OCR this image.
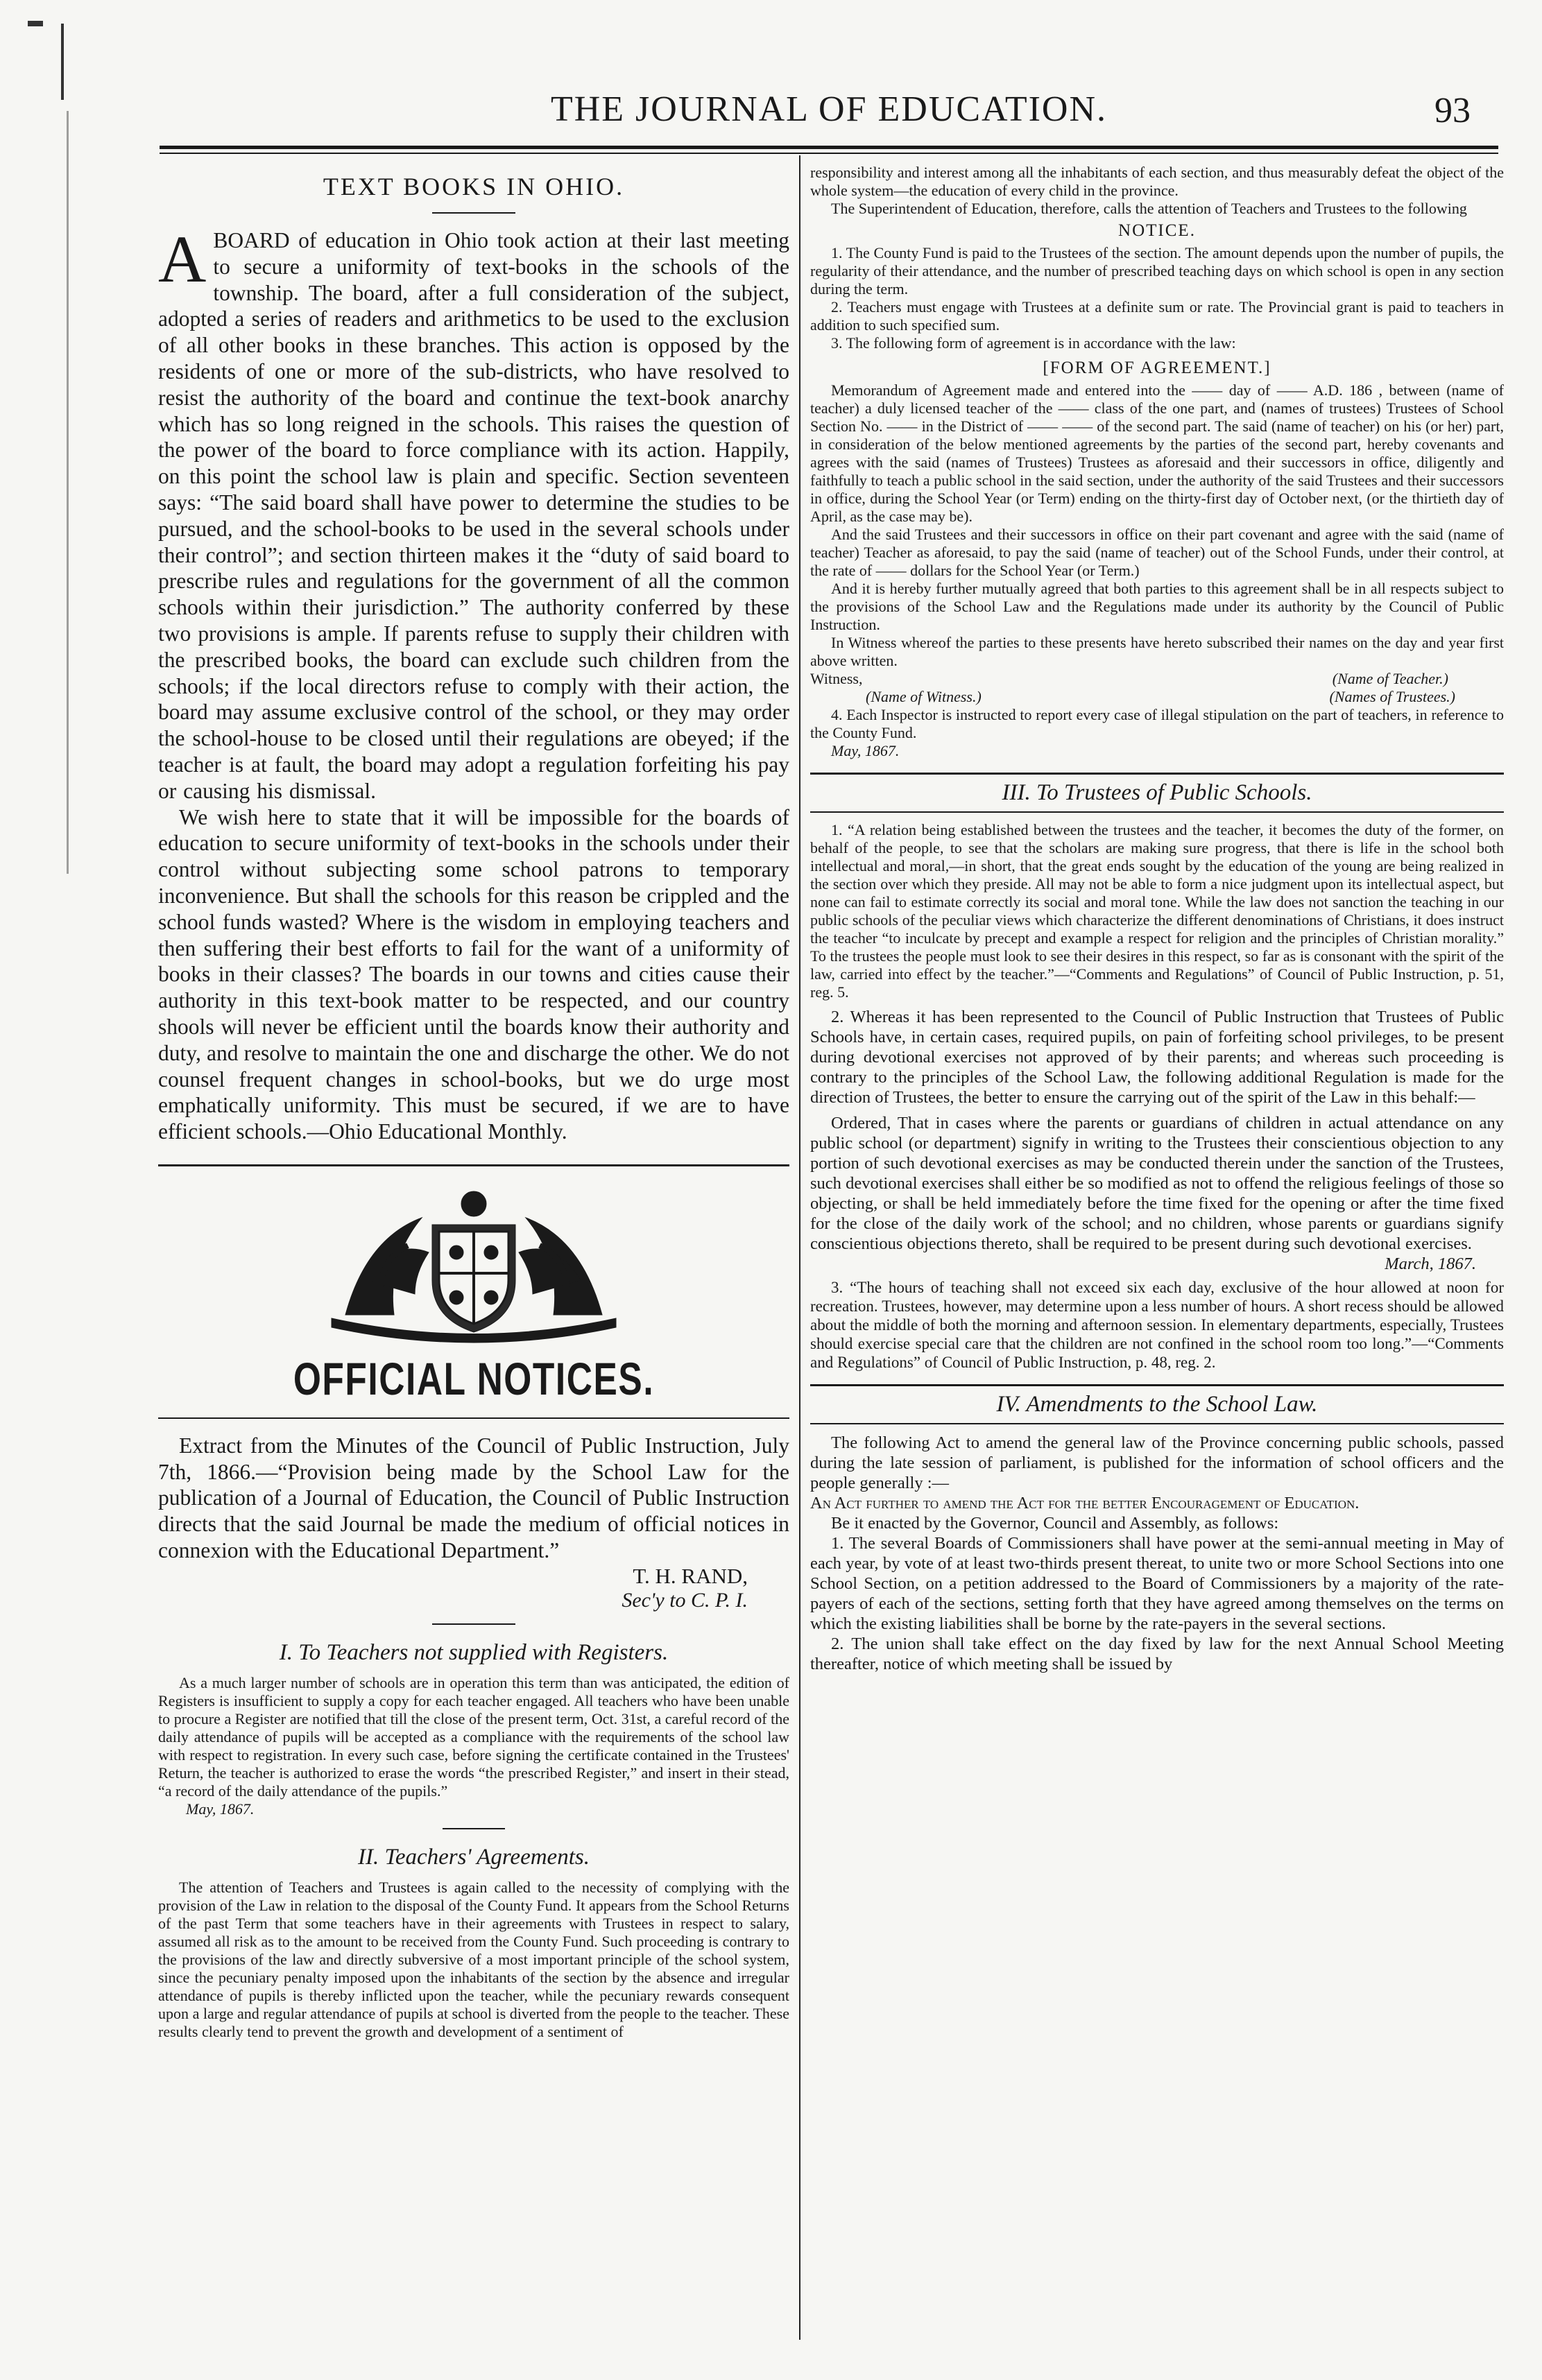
THE JOURNAL OF EDUCATION.	93
TEXT BOOKS IN OHIO.

A BOARD of education in Ohio took action at their last meeting to secure a uniformity of text-books in the schools of the township. The board, after a full consideration of the subject, adopted a series of readers and arithmetics to be used to the exclusion of all other books in these branches. This action is opposed by the residents of one or more of the sub-districts, who have resolved to resist the authority of the board and continue the text-book anarchy which has so long reigned in the schools. This raises the question of the power of the board to force compliance with its action. Happily, on this point the school law is plain and specific. Section seventeen says: “The said board shall have power to determine the studies to be pursued, and the school-books to be used in the several schools under their control”; and section thirteen makes it the “duty of said board to prescribe rules and regulations for the government of all the common schools within their jurisdiction.” The authority conferred by these two provisions is ample. If parents refuse to supply their children with the prescribed books, the board can exclude such children from the schools; if the local directors refuse to comply with their action, the board may assume exclusive control of the school, or they may order the school-house to be closed until their regulations are obeyed; if the teacher is at fault, the board may adopt a regulation forfeiting his pay or causing his dismissal.

We wish here to state that it will be impossible for the boards of education to secure uniformity of text-books in the schools under their control without subjecting some school patrons to temporary inconvenience. But shall the schools for this reason be crippled and the school funds wasted? Where is the wisdom in employing teachers and then suffering their best efforts to fail for the want of a uniformity of books in their classes? The boards in our towns and cities cause their authority in this text-book matter to be respected, and our country shools will never be efficient until the boards know their authority and duty, and resolve to maintain the one and discharge the other. We do not counsel frequent changes in school-books, but we do urge most emphatically uniformity. This must be secured, if we are to have efficient schools.—Ohio Educational Monthly.

OFFICIAL NOTICES.

Extract from the Minutes of the Council of Public Instruction, July 7th, 1866.—“Provision being made by the School Law for the publication of a Journal of Education, the Council of Public Instruction directs that the said Journal be made the medium of official notices in connexion with the Educational Department.”

T. H. RAND,
Sec'y to C. P. I.
I. To Teachers not supplied with Registers.

As a much larger number of schools are in operation this term than was anticipated, the edition of Registers is insufficient to supply a copy for each teacher engaged. All teachers who have been unable to procure a Register are notified that till the close of the present term, Oct. 31st, a careful record of the daily attendance of pupils will be accepted as a compliance with the requirements of the school law with respect to registration. In every such case, before signing the certificate contained in the Trustees' Return, the teacher is authorized to erase the words “the prescribed Register,” and insert in their stead, “a record of the daily attendance of the pupils.”

May, 1867.
II. Teachers' Agreements.

The attention of Teachers and Trustees is again called to the necessity of complying with the provision of the Law in relation to the disposal of the County Fund. It appears from the School Returns of the past Term that some teachers have in their agreements with Trustees in respect to salary, assumed all risk as to the amount to be received from the County Fund. Such proceeding is contrary to the provisions of the law and directly subversive of a most important principle of the school system, since the pecuniary penalty imposed upon the inhabitants of the section by the absence and irregular attendance of pupils is thereby inflicted upon the teacher, while the pecuniary rewards consequent upon a large and regular attendance of pupils at school is diverted from the people to the teacher. These results clearly tend to prevent the growth and development of a sentiment of

responsibility and interest among all the inhabitants of each section, and thus measurably defeat the object of the whole system—the education of every child in the province.

The Superintendent of Education, therefore, calls the attention of Teachers and Trustees to the following

NOTICE.

1. The County Fund is paid to the Trustees of the section. The amount depends upon the number of pupils, the regularity of their attendance, and the number of prescribed teaching days on which school is open in any section during the term.

2. Teachers must engage with Trustees at a definite sum or rate. The Provincial grant is paid to teachers in addition to such specified sum.

3. The following form of agreement is in accordance with the law:

[FORM OF AGREEMENT.]

Memorandum of Agreement made and entered into the —— day of —— A.D. 186 , between (name of teacher) a duly licensed teacher of the —— class of the one part, and (names of trustees) Trustees of School Section No. —— in the District of —— —— of the second part. The said (name of teacher) on his (or her) part, in consideration of the below mentioned agreements by the parties of the second part, hereby covenants and agrees with the said (names of Trustees) Trustees as aforesaid and their successors in office, diligently and faithfully to teach a public school in the said section, under the authority of the said Trustees and their successors in office, during the School Year (or Term) ending on the thirty-first day of October next, (or the thirtieth day of April, as the case may be).

And the said Trustees and their successors in office on their part covenant and agree with the said (name of teacher) Teacher as aforesaid, to pay the said (name of teacher) out of the School Funds, under their control, at the rate of —— dollars for the School Year (or Term.)

And it is hereby further mutually agreed that both parties to this agreement shall be in all respects subject to the provisions of the School Law and the Regulations made under its authority by the Council of Public Instruction.

In Witness whereof the parties to these presents have hereto subscribed their names on the day and year first above written.

Witness,	(Name of Teacher.)
(Name of Witness.)	(Names of Trustees.)

4. Each Inspector is instructed to report every case of illegal stipulation on the part of teachers, in reference to the County Fund.

May, 1867.
III. To Trustees of Public Schools.

1. “A relation being established between the trustees and the teacher, it becomes the duty of the former, on behalf of the people, to see that the scholars are making sure progress, that there is life in the school both intellectual and moral,—in short, that the great ends sought by the education of the young are being realized in the section over which they preside. All may not be able to form a nice judgment upon its intellectual aspect, but none can fail to estimate correctly its social and moral tone. While the law does not sanction the teaching in our public schools of the peculiar views which characterize the different denominations of Christians, it does instruct the teacher “to inculcate by precept and example a respect for religion and the principles of Christian morality.” To the trustees the people must look to see their desires in this respect, so far as is consonant with the spirit of the law, carried into effect by the teacher.”—“Comments and Regulations” of Council of Public Instruction, p. 51, reg. 5.

2. Whereas it has been represented to the Council of Public Instruction that Trustees of Public Schools have, in certain cases, required pupils, on pain of forfeiting school privileges, to be present during devotional exercises not approved of by their parents; and whereas such proceeding is contrary to the principles of the School Law, the following additional Regulation is made for the direction of Trustees, the better to ensure the carrying out of the spirit of the Law in this behalf:—

Ordered, That in cases where the parents or guardians of children in actual attendance on any public school (or department) signify in writing to the Trustees their conscientious objection to any portion of such devotional exercises as may be conducted therein under the sanction of the Trustees, such devotional exercises shall either be so modified as not to offend the religious feelings of those so objecting, or shall be held immediately before the time fixed for the opening or after the time fixed for the close of the daily work of the school; and no children, whose parents or guardians signify conscientious objections thereto, shall be required to be present during such devotional exercises.

March, 1867.

3. “The hours of teaching shall not exceed six each day, exclusive of the hour allowed at noon for recreation. Trustees, however, may determine upon a less number of hours. A short recess should be allowed about the middle of both the morning and afternoon session. In elementary departments, especially, Trustees should exercise special care that the children are not confined in the school room too long.”—“Comments and Regulations” of Council of Public Instruction, p. 48, reg. 2.

IV. Amendments to the School Law.

The following Act to amend the general law of the Province concerning public schools, passed during the late session of parliament, is published for the information of school officers and the people generally :—

An Act further to amend the Act for the better Encouragement of Education.

Be it enacted by the Governor, Council and Assembly, as follows:

1. The several Boards of Commissioners shall have power at the semi-annual meeting in May of each year, by vote of at least two-thirds present thereat, to unite two or more School Sections into one School Section, on a petition addressed to the Board of Commissioners by a majority of the rate-payers of each of the sections, setting forth that they have agreed among themselves on the terms on which the existing liabilities shall be borne by the rate-payers in the several sections.

2. The union shall take effect on the day fixed by law for the next Annual School Meeting thereafter, notice of which meeting shall be issued by
